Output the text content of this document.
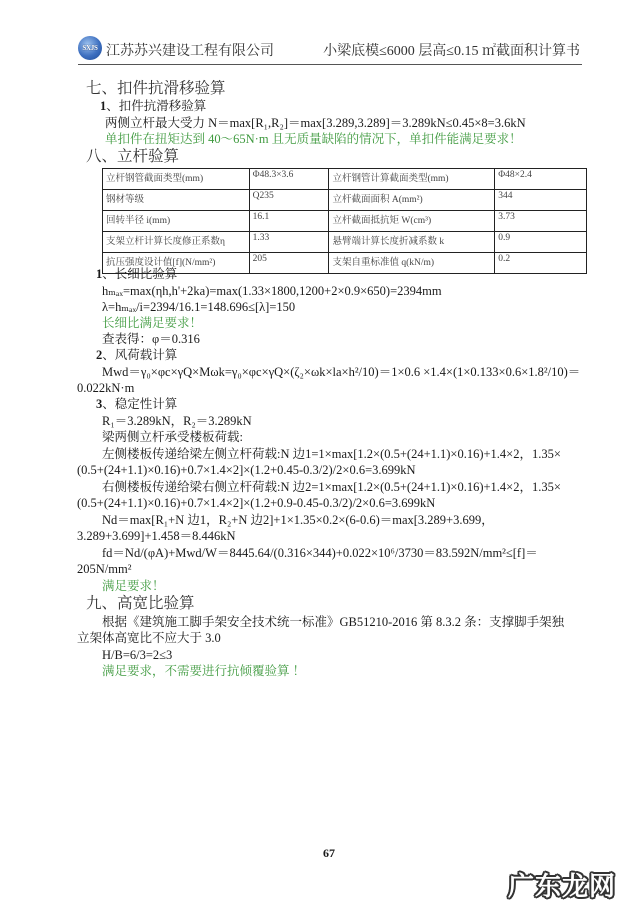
SXJS 江苏苏兴建设工程有限公司	小梁底模≤6000 层高≤0.15 ㎡截面积计算书
七、扣件抗滑移验算
1、扣件抗滑移验算
两侧立杆最大受力 N＝max[R₁,R₂]＝max[3.289,3.289]＝3.289kN≤0.45×8=3.6kN
单扣件在扭矩达到 40～65N·m 且无质量缺陷的情况下，单扣件能满足要求！
八、立杆验算
立杆钢管截面类型(mm)	Φ48.3×3.6	立杆钢管计算截面类型(mm)	Φ48×2.4
钢材等级	Q235	立杆截面面积 A(mm²)	344
回转半径 i(mm)	16.1	立杆截面抵抗矩 W(cm³)	3.73
支架立杆计算长度修正系数η	1.33	悬臂端计算长度折减系数 k	0.9
抗压强度设计值[f](N/mm²)	205	支架自重标准值 q(kN/m)	0.2
1、长细比验算
hₘₐₓ=max(ηh,h'+2ka)=max(1.33×1800,1200+2×0.9×650)=2394mm
λ=hₘₐₓ/i=2394/16.1=148.696≤[λ]=150
长细比满足要求！
查表得：φ＝0.316
2、风荷载计算
Mwd＝γ₀×φc×γQ×Mωk=γ₀×φc×γQ×(ζ₂×ωk×la×h²/10)＝1×0.6 ×1.4×(1×0.133×0.6×1.8²/10)＝
0.022kN·m
3、稳定性计算
R₁＝3.289kN，R₂＝3.289kN
梁两侧立杆承受楼板荷载:
左侧楼板传递给梁左侧立杆荷载:N 边1=1×max[1.2×(0.5+(24+1.1)×0.16)+1.4×2，1.35×
(0.5+(24+1.1)×0.16)+0.7×1.4×2]×(1.2+0.45-0.3/2)/2×0.6=3.699kN
右侧楼板传递给梁右侧立杆荷载:N 边2=1×max[1.2×(0.5+(24+1.1)×0.16)+1.4×2，1.35×
(0.5+(24+1.1)×0.16)+0.7×1.4×2]×(1.2+0.9-0.45-0.3/2)/2×0.6=3.699kN
Nd＝max[R₁+N 边1，R₂+N 边2]+1×1.35×0.2×(6-0.6)＝max[3.289+3.699，
3.289+3.699]+1.458＝8.446kN
fd＝Nd/(φA)+Mwd/W＝8445.64/(0.316×344)+0.022×10⁶/3730＝83.592N/mm²≤[f]＝
205N/mm²
满足要求！
九、高宽比验算
根据《建筑施工脚手架安全技术统一标准》GB51210-2016 第 8.3.2 条：支撑脚手架独
立架体高宽比不应大于 3.0
H/B=6/3=2≤3
满足要求，不需要进行抗倾覆验算 ！
67
广东龙网
